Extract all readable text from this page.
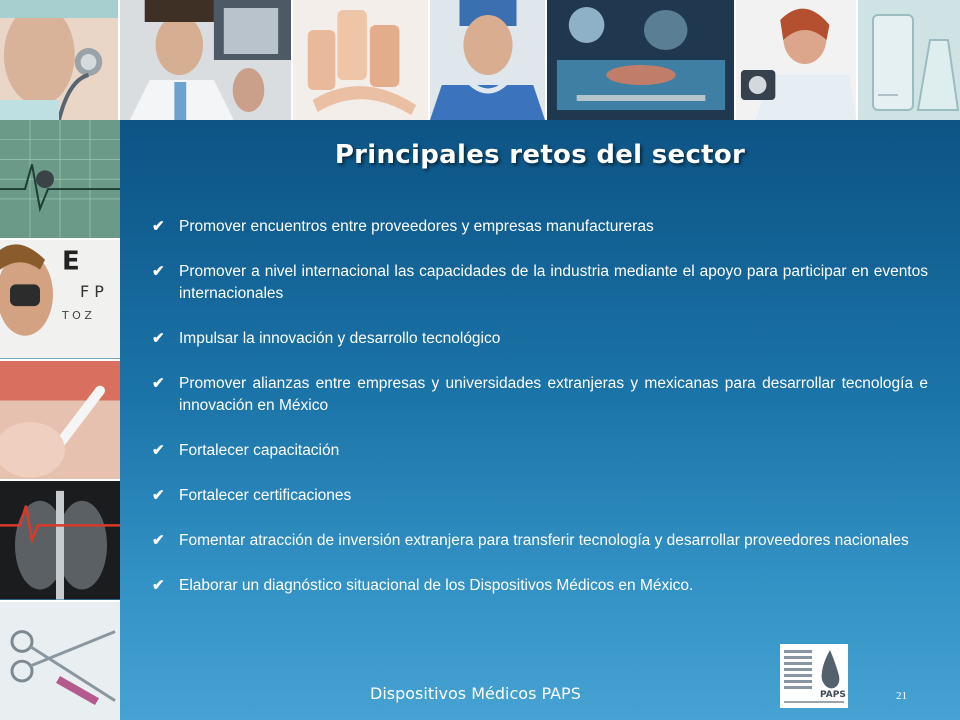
E
F P
T O Z
Principales retos del sector
✔ Promover encuentros entre proveedores y empresas manufactureras
✔ Promover a nivel internacional las capacidades de la industria mediante el apoyo para participar en eventos internacionales
✔ Impulsar la innovación y desarrollo tecnológico
✔ Promover alianzas entre empresas y universidades extranjeras y mexicanas para desarrollar tecnología e innovación en México
✔ Fortalecer capacitación
✔ Fortalecer certificaciones
✔ Fomentar atracción de inversión extranjera para transferir tecnología y desarrollar proveedores nacionales
✔ Elaborar un diagnóstico situacional de los Dispositivos Médicos en México.
Dispositivos Médicos PAPS	PAPS	21
